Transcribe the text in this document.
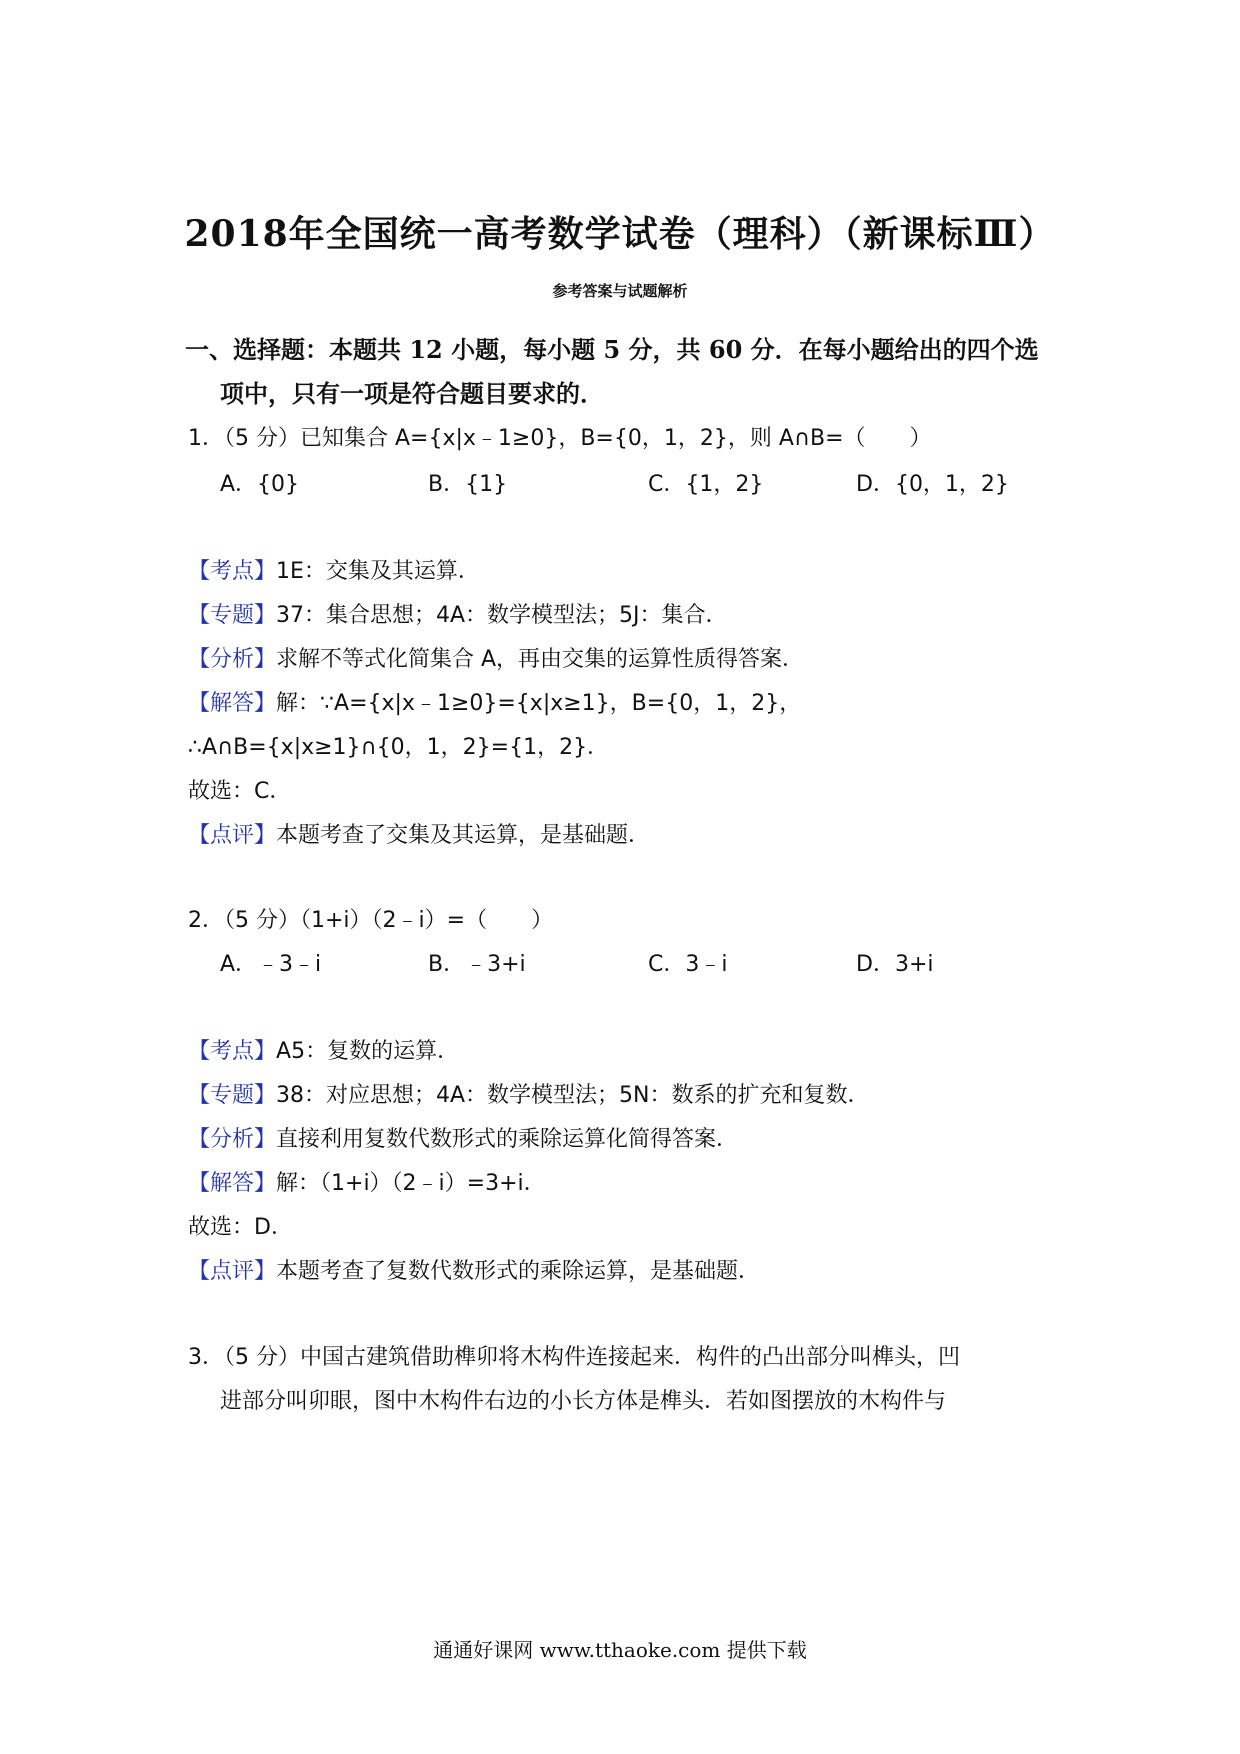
2018年全国统一高考数学试卷（理科）（新课标Ⅲ）
参考答案与试题解析
一、选择题：本题共 12 小题，每小题 5 分，共 60 分．在每小题给出的四个选
项中，只有一项是符合题目要求的．
1．（5 分）已知集合 A={x|x﹣1≥0}，B={0，1，2}，则 A∩B=（　　）
A．{0}	B．{1}	C．{1，2}	D．{0，1，2}
【考点】1E：交集及其运算．
【专题】37：集合思想；4A：数学模型法；5J：集合．
【分析】求解不等式化简集合 A，再由交集的运算性质得答案．
【解答】解：∵A={x|x﹣1≥0}={x|x≥1}，B={0，1，2}，
∴A∩B={x|x≥1}∩{0，1，2}={1，2}．
故选：C．
【点评】本题考查了交集及其运算，是基础题．
2．（5 分）（1+i）（2﹣i）=（　　）
A．﹣3﹣i	B．﹣3+i	C．3﹣i	D．3+i
【考点】A5：复数的运算．
【专题】38：对应思想；4A：数学模型法；5N：数系的扩充和复数．
【分析】直接利用复数代数形式的乘除运算化简得答案．
【解答】解：（1+i）（2﹣i）=3+i．
故选：D．
【点评】本题考查了复数代数形式的乘除运算，是基础题．
3．（5 分）中国古建筑借助榫卯将木构件连接起来．构件的凸出部分叫榫头，凹
进部分叫卯眼，图中木构件右边的小长方体是榫头．若如图摆放的木构件与
通通好课网 www.tthaoke.com 提供下载
